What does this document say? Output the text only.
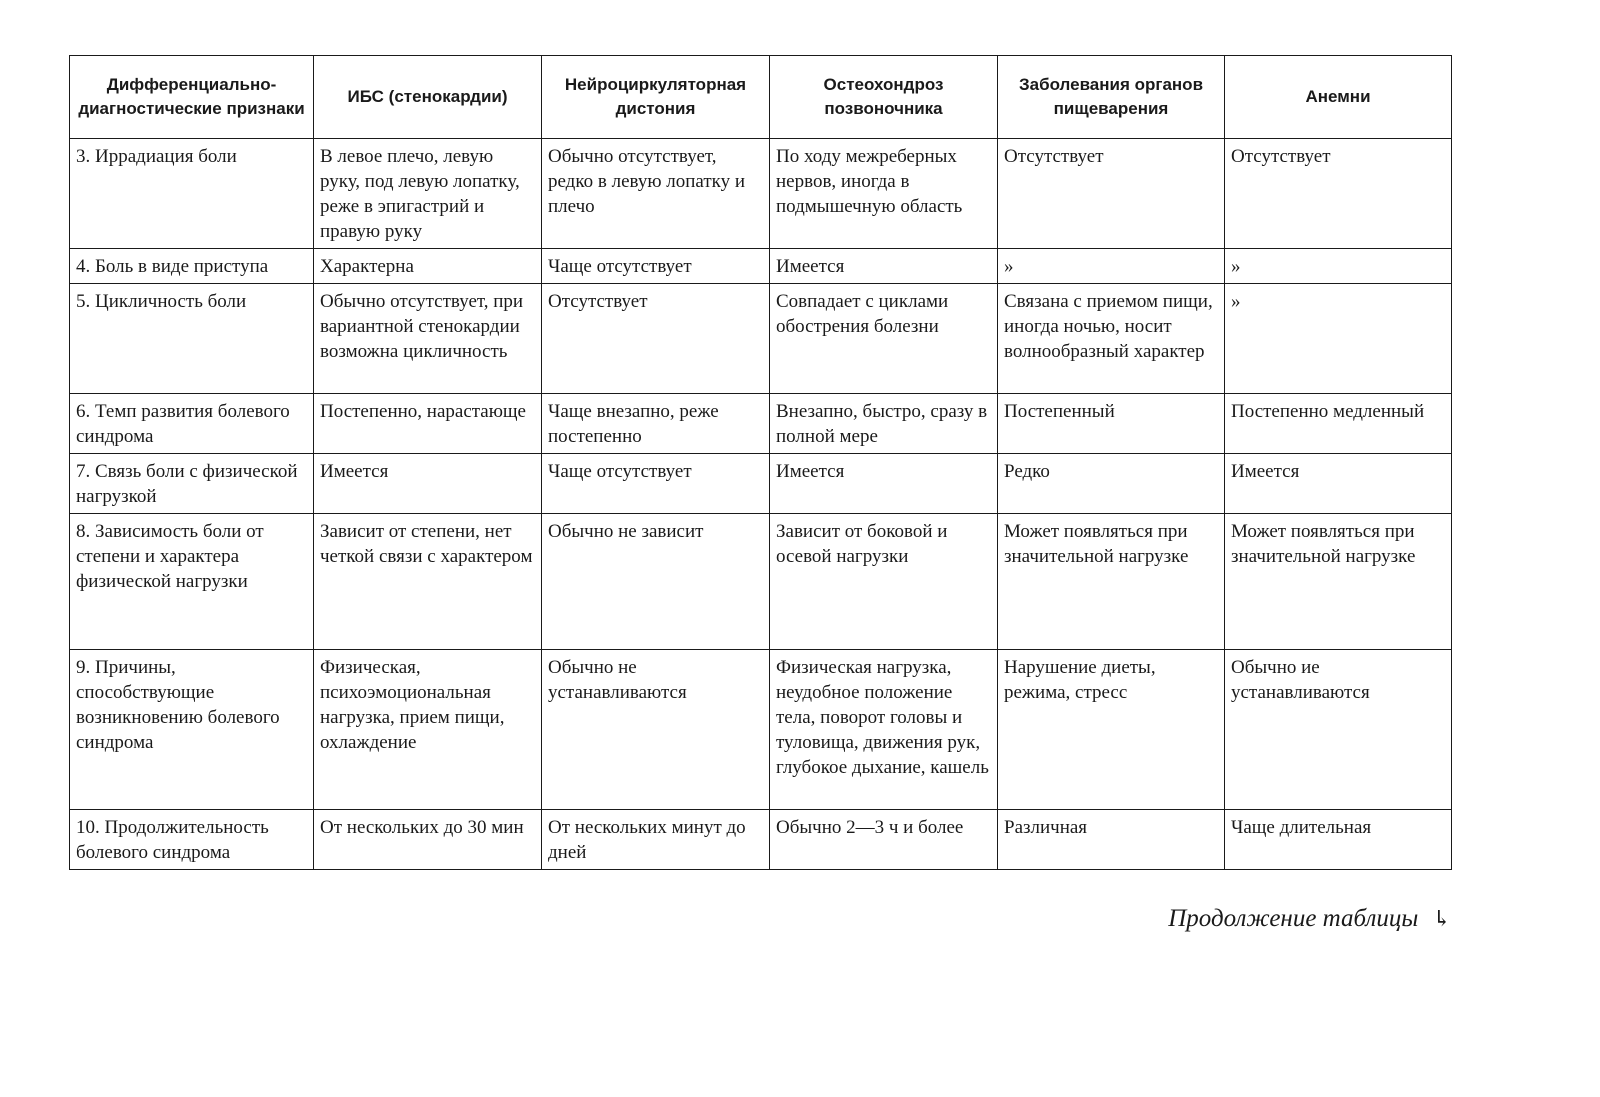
Дифференциально-диагностические признаки	ИБС (стенокардии)	Нейроциркуляторная дистония	Остеохондроз позвоночника	Заболевания органов пищеварения	Анемни
3. Иррадиация боли	В левое плечо, левую руку, под левую лопатку, реже в эпигастрий и правую руку	Обычно отсутствует, редко в левую лопатку и плечо	По ходу межреберных нервов, иногда в подмышечную область	Отсутствует	Отсутствует
4. Боль в виде приступа	Характерна	Чаще отсутствует	Имеется	»	»
5. Цикличность боли	Обычно отсутствует, при вариантной стенокардии возможна цикличность	Отсутствует	Совпадает с циклами обострения болезни	Связана с приемом пищи, иногда ночью, носит волнообразный характер	»
6. Темп развития болевого синдрома	Постепенно, нарастающе	Чаще внезапно, реже постепенно	Внезапно, быстро, сразу в полной мере	Постепенный	Постепенно медленный
7. Связь боли с физической нагрузкой	Имеется	Чаще отсутствует	Имеется	Редко	Имеется
8. Зависимость боли от степени и характера физической нагрузки	Зависит от степени, нет четкой связи с характером	Обычно не зависит	Зависит от боковой и осевой нагрузки	Может появляться при значительной нагрузке	Может появляться при значительной нагрузке
9. Причины, способствующие возникновению болевого синдрома	Физическая, психоэмоциональная нагрузка, прием пищи, охлаждение	Обычно не устанавливаются	Физическая нагрузка, неудобное положение тела, поворот головы и туловища, движения рук, глубокое дыхание, кашель	Нарушение диеты, режима, стресс	Обычно ие устанавливаются
10. Продолжительность болевого синдрома	От нескольких до 30 мин	От нескольких минут до дней	Обычно 2—3 ч и более	Различная	Чаще длительная
Продолжение таблицы ↳
